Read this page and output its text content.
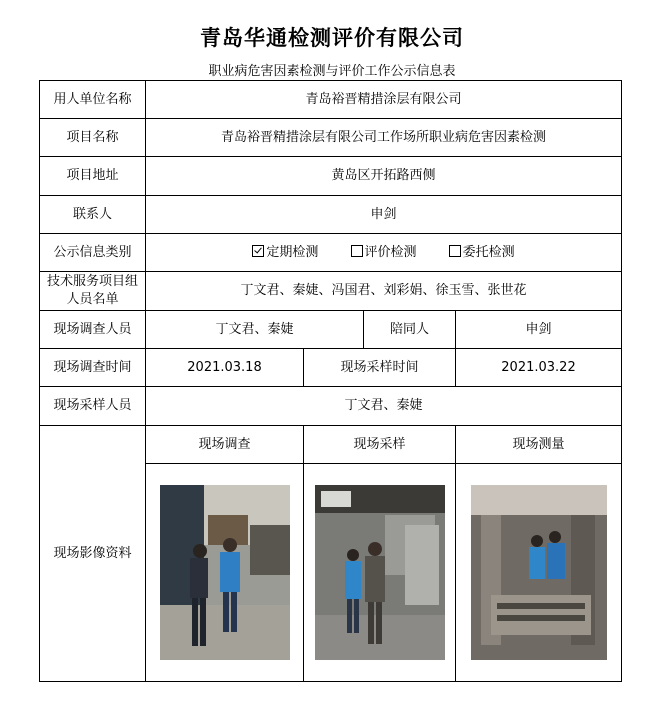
青岛华通检测评价有限公司
职业病危害因素检测与评价工作公示信息表
用人单位名称	青岛裕晋精措涂层有限公司			
项目名称	青岛裕晋精措涂层有限公司工作场所职业病危害因素检测			
项目地址	黄岛区开拓路西侧			
联系人	申剑			
公示信息类别	定期检测 评价检测 委托检测			
技术服务项目组人员名单	丁文君、秦婕、冯国君、刘彩娟、徐玉雪、张世花			
现场调查人员	丁文君、秦婕		陪同人	申剑
现场调查时间	2021.03.18	现场采样时间		2021.03.22
现场采样人员	丁文君、秦婕			
现场影像资料	现场调查	现场采样		现场测量
